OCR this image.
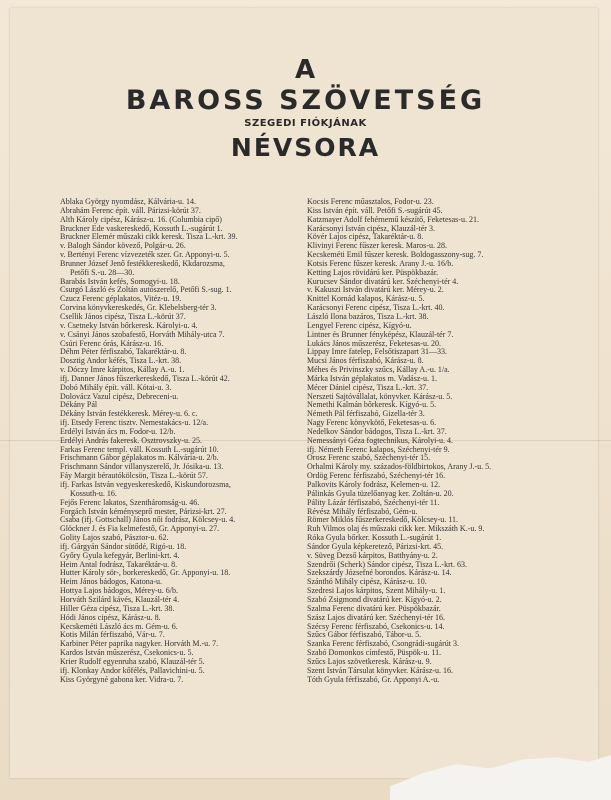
A
BAROSS SZÖVETSÉG
SZEGEDI FIÓKJÁNAK
NÉVSORA
Ablaka György nyomdász, Kálvária-u. 14.
Ábrahám Ferenc épít. váll. Párizsi-körút 37.
Alth Károly cipész, Kárász-u. 16. (Columbia cipő)
Bruckner Ede vaskereskedő, Kossuth L.-sugárút 1.
Bruckner Elemér műszaki cikk keresk. Tisza L.-krt. 39.
v. Balogh Sándor kövező, Polgár-u. 26.
v. Bertényi Ferenc vízvezeték szer. Gr. Apponyi-u. 5.
Brunner József Jenő festékkereskedő, Kkdarozsma,
Petőfi S.-u. 28—30.
Barabás István kefés, Somogyi-u. 18.
Csurgó László és Zoltán autószerelő, Petőfi S.-sug. 1.
Czucz Ferenc géplakatos, Vitéz-u. 19.
Corvina könyvkereskedés, Gr. Klebelsberg-tér 3.
Csellik János cipész, Tisza L.-körút 37.
v. Csetneky István bőrkeresk. Károlyi-u. 4.
v. Csányi János szobafestő, Horváth Mihály-utca 7.
Csúri Ferenc órás, Kárász-u. 16.
Déhm Péter férfiszabó, Takaréktár-u. 8.
Dosztig Andor kéfés, Tisza L.-krt. 38.
v. Dóczy Imre kárpitos, Kállay A.-u. 1.
ifj. Danner János fűszerkereskedő, Tisza L.-körút 42.
Dobó Mihály épít. váll. Kótai-u. 3.
Dolovácz Vazul cipész, Debreceni-u.
Dékány Pál
Dékány István festékkeresk. Mérey-u. 6. c.
ifj. Etsedy Ferenc tisztv. Nemestakács-u. 12/a.
Erdélyi István ács m. Fodor-u. 12/b.
Erdélyi András fakeresk. Osztrovszky-u. 25.
Farkas Ferenc templ. váll. Kossuth L.-sugárút 10.
Frischmann Gábor géplakatos m. Kálvária-u. 2/b.
Frischmann Sándor villanyszerelő, Jr. Jósika-u. 13.
Fáy Margit bérautókölcsön, Tisza L.-körút 57.
ifj. Farkas István vegyeskereskedő, Kiskundorozsma,
Kossuth-u. 16.
Fejős Ferenc lakatos, Szentháromság-u. 46.
Forgách István kéményseprő mester, Párizsi-krt. 27.
Csaba (ifj. Gottschall) János női fodrász, Kölcsey-u. 4.
Glöckner J. és Fia kelmefestő, Gr. Apponyi-u. 27.
Golity Lajos szabó, Pásztor-u. 62.
ifj. Gárgyán Sándor sütődé, Rigó-u. 18.
Győry Gyula kefegyár, Berlini-krt. 4.
Heim Antal fodrász, Takaréktár-u. 8.
Hutter Károly sör-, borkereskedő, Gr. Apponyi-u. 18.
Heim János bádogos, Katona-u.
Hottya Lajos bádogos, Mérey-u. 6/b.
Horváth Szilárd kávés, Klauzál-tér 4.
Hiller Géza cipész, Tisza L.-krt. 38.
Hódi János cipész, Kárász-u. 8.
Kecskeméti László ács m. Gém-u. 6.
Kotis Milán férfiszabó, Vár-u. 7.
Karbiner Péter paprika nagyker. Horváth M.-u. 7.
Kardos István műszerész, Csekonics-u. 5.
Krier Rudolf egyenruha szabó, Klauzál-tér 5.
ifj. Klonkay Andor kőfélés, Pallavichini-u. 5.
Kiss Györgyné gabona ker. Vidra-u. 7.
Kocsis Ferenc műasztalos, Fodor-u. 23.
Kiss István épít. váll. Petőfi S.-sugárút 45.
Katzmayer Adolf fehérnemű készítő, Feketesas-u. 21.
Karácsonyi István cipész, Klauzál-tér 3.
Kövér Lajos cipész, Takaréktár-u. 8.
Klivinyi Ferenc fűszer keresk. Maros-u. 28.
Kecskeméti Emil fűszer keresk. Boldogasszony-sug. 7.
Kotsis Ferenc fűszer keresk. Arany J.-u. 16/b.
Ketting Lajos rövidárú ker. Püspökbazár.
Kurucsev Sándor divatárú ker. Széchenyi-tér 4.
v. Kakuszi István divatárú ker. Mérey-u. 2.
Knittel Kornád kalapos, Kárász-u. 5.
Karácsonyi Ferenc cipész, Tisza L.-krt. 40.
László Ilona bazáros, Tisza L.-krt. 38.
Lengyel Ferenc cipész, Kígyó-u.
Lintner és Brunner fényképész, Klauzál-tér 7.
Lukács János műszerész, Feketesas-u. 20.
Lippay Imre fatelep, Felsőtiszapart 31—33.
Mucsi János férfiszabó, Kárász-u. 8.
Méhes és Privinszky szűcs, Kállay A.-u. 1/a.
Márka István géplakatos m. Vadász-u. 1.
Mécer Dániel cipész, Tisza L.-krt. 37.
Nerszeti Sajtóvállalat, könyvker. Kárász-u. 5.
Nemethi Kalmán bőrkeresk. Kígyó-u. 5.
Németh Pál férfiszabó, Gizella-tér 3.
Nagy Ferenc könyvkötő, Feketesas-u. 6.
Nedelkov Sándor bádogos, Tisza L.-krt. 37.
Nemessányi Géza fogtechnikus, Károlyi-u. 4.
ifj. Németh Ferenc kalapos, Széchenyi-tér 9.
Orosz Ferenc szabó, Széchenyi-tér 15.
Orhalmi Károly my. százados-földbirtokos, Arany J.-u. 5.
Ördög Ferenc férfiszabó, Széchenyi-tér 16.
Palkovits Károly fodrász, Kelemen-u. 12.
Pálinkás Gyula tüzelőanyag ker. Zoltán-u. 20.
Pálity Lázár férfiszabó, Széchenyi-tér 11.
Révész Mihály férfiszabó, Gém-u.
Römer Miklós fűszerkereskedő, Kölcsey-u. 11.
Ruh Vilmos olaj és műszaki cikk ker. Mikszáth K.-u. 9.
Róka Gyula bőrker. Kossuth L.-sugárút 1.
Sándor Gyula képkeretező, Párizsi-krt. 45.
v. Süveg Dezső kárpitos, Batthyány-u. 2.
Szendrői (Scherk) Sándor cipész, Tisza L.-krt. 63.
Szekszárdy Józsefné borondos. Kárász-u. 14.
Szánthó Mihály cipész, Kárász-u. 10.
Szedresi Lajos kárpitos, Szent Mihály-u. 1.
Szabó Zsigmond divatárú ker. Kígyó-u. 2.
Szalma Ferenc divatárú ker. Püspökbazár.
Szász Lajos divatárú ker. Széchenyi-tér 16.
Szécsy Ferenc férfiszabó, Csekonics-u. 14.
Szűcs Gábor férfiszabó, Tábor-u. 5.
Szanka Ferenc férfiszabó, Csongrádi-sugárút 3.
Szabó Domonkos címfestő, Püspök-u. 11.
Szűcs Lajos szövetkeresk. Kárász-u. 9.
Szent István Társulat könyvker. Kárász-u. 16.
Tóth Gyula férfiszabó, Gr. Apponyi A.-u.
